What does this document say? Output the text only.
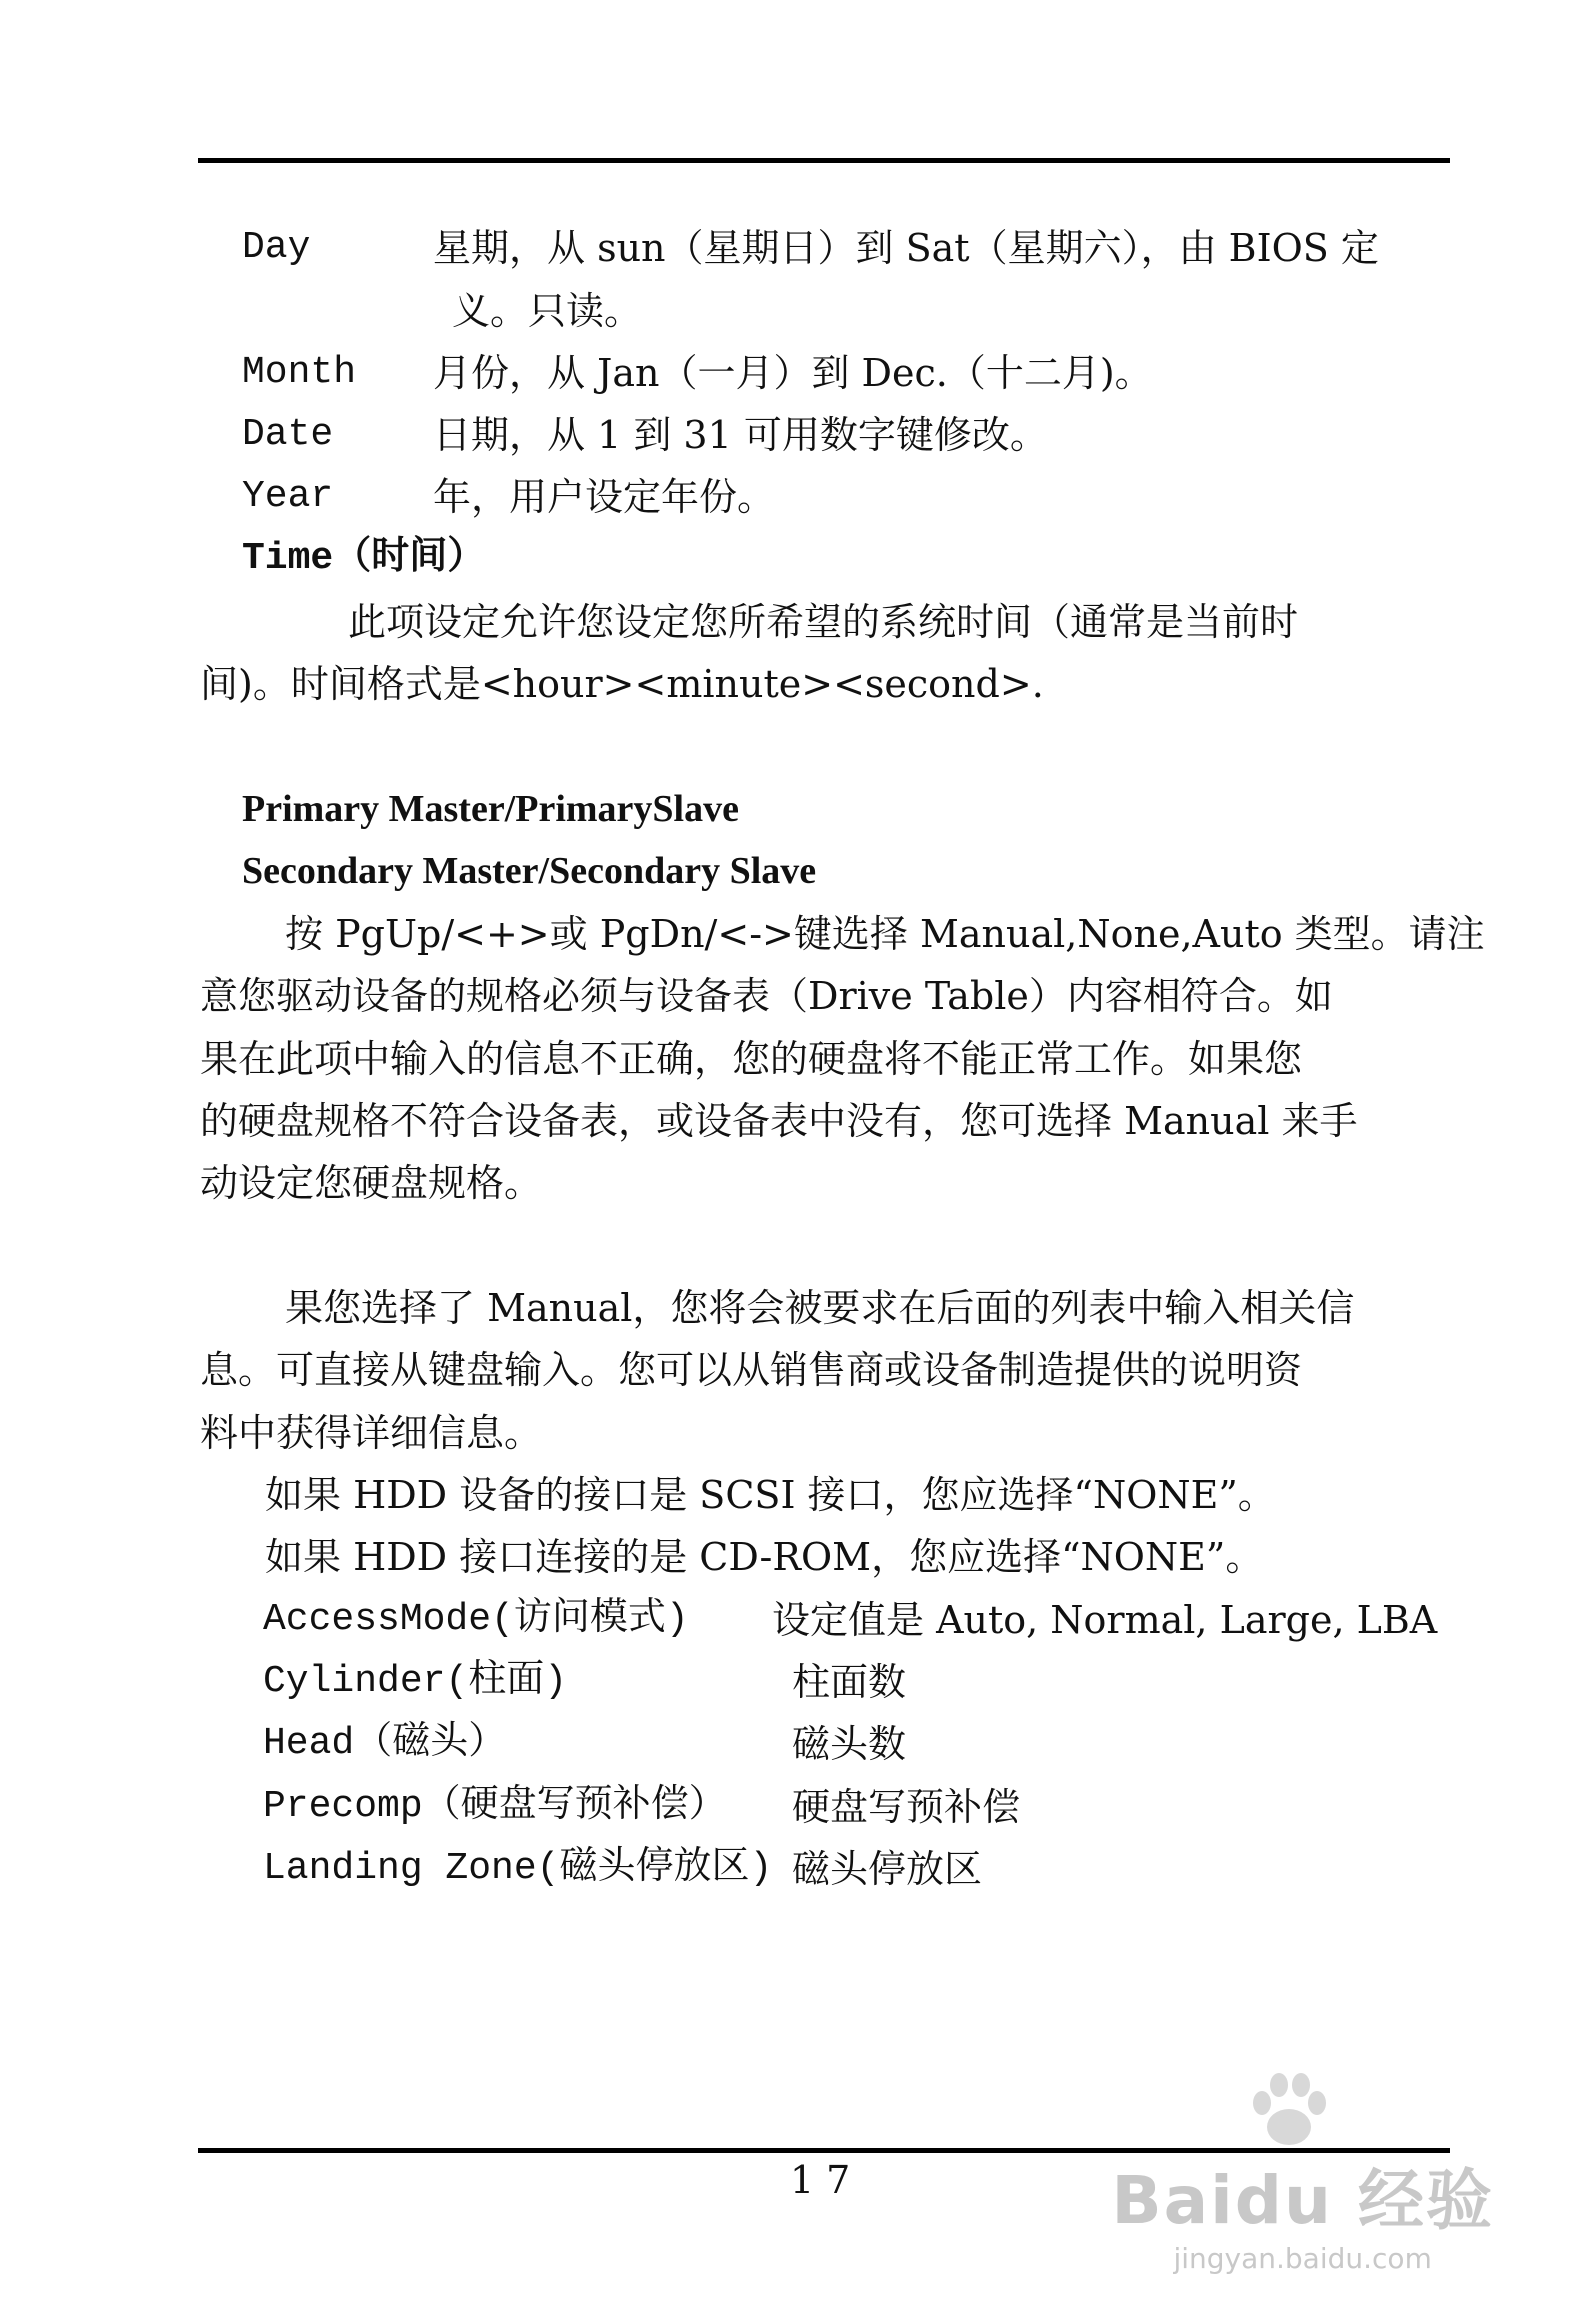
Day	星期，从 sun（星期日）到 Sat（星期六），由 BIOS 定
义。只读。
Month 月份，从 Jan（一月）到 Dec.（十二月)。
Date	日期，从 1 到 31 可用数字键修改。
Year	年，用户设定年份。
Time（时间）
此项设定允许您设定您所希望的系统时间（通常是当前时
间)。时间格式是<hour><minute><second>.
Primary Master/PrimarySlave
Secondary Master/Secondary Slave
按 PgUp/<+>或 PgDn/<->键选择 Manual,None,Auto 类型。请注
意您驱动设备的规格必须与设备表（Drive Table）内容相符合。如
果在此项中输入的信息不正确，您的硬盘将不能正常工作。如果您
的硬盘规格不符合设备表，或设备表中没有，您可选择 Manual 来手
动设定您硬盘规格。
果您选择了 Manual，您将会被要求在后面的列表中输入相关信
息。可直接从键盘输入。您可以从销售商或设备制造提供的说明资
料中获得详细信息。
如果 HDD 设备的接口是 SCSI 接口，您应选择“NONE”。
如果 HDD 接口连接的是 CD-ROM，您应选择“NONE”。
AccessMode(访问模式) 设定值是 Auto, Normal, Large, LBA
Cylinder(柱面)	柱面数
Head（磁头）	磁头数
Precomp（硬盘写预补偿） 硬盘写预补偿
Landing Zone(磁头停放区) 磁头停放区
17	Baidu 经验
jingyan.baidu.com
